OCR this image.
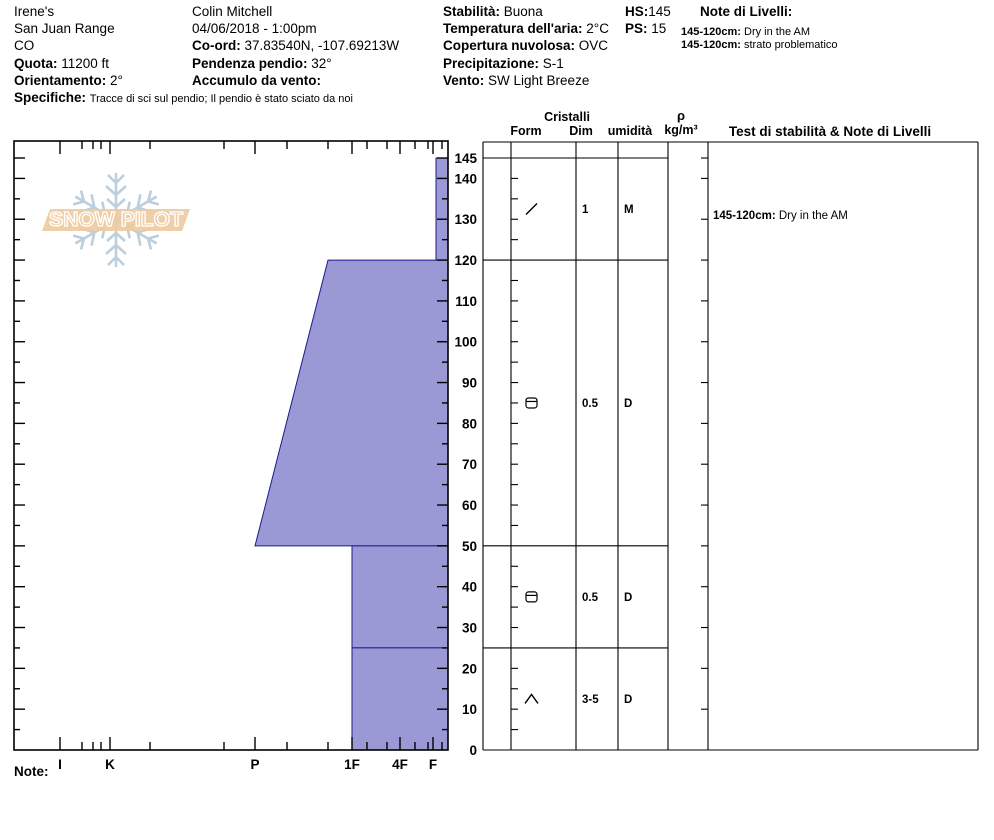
Irene's
San Juan Range
CO
Quota: 11200 ft
Orientamento: 2°
Specifiche: Tracce di sci sul pendio; Il pendio è stato sciato da noi
Colin Mitchell
04/06/2018 - 1:00pm
Co-ord: 37.83540N, -107.69213W
Pendenza pendio: 32°
Accumulo da vento:
Stabilità: Buona
Temperatura dell'aria: 2°C
Copertura nuvolosa: OVC
Precipitazione: S-1
Vento: SW Light Breeze
HS:145
PS: 15
Note di Livelli:
145-120cm: Dry in the AM
145-120cm: strato problematico
SNOW PILOT
I	K	P	1F 4F F
145
140
130
120
110
100
90
80
70
60
50
40
30
20
10
0
Cristalli
Form Dim umidità
ρ
kg/m³ Test di stabilità & Note di Livelli
1	M
0.5 D
0.5 D
3-5 D
145-120cm: Dry in the AM
Note:
